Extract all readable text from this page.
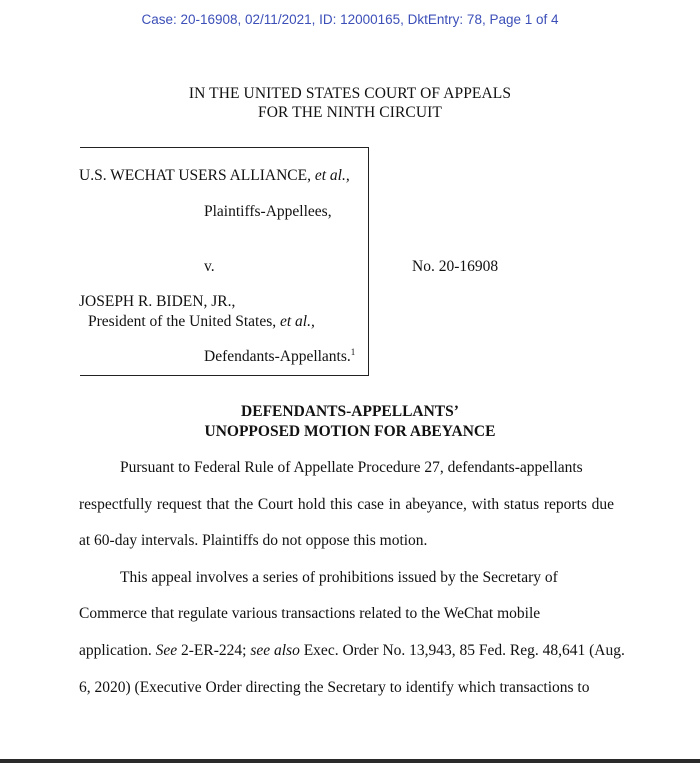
Case: 20-16908, 02/11/2021, ID: 12000165, DktEntry: 78, Page 1 of 4
IN THE UNITED STATES COURT OF APPEALS
FOR THE NINTH CIRCUIT
U.S. WECHAT USERS ALLIANCE, et al.,
Plaintiffs-Appellees,
v.
JOSEPH R. BIDEN, JR.,
President of the United States, et al.,
Defendants-Appellants.$^1$
No. 20-16908
DEFENDANTS-APPELLANTS’
UNOPPOSED MOTION FOR ABEYANCE

Pursuant to Federal Rule of Appellate Procedure 27, defendants-appellants
respectfully request that the Court hold this case in abeyance, with status reports due
at 60-day intervals. Plaintiffs do not oppose this motion.

This appeal involves a series of prohibitions issued by the Secretary of
Commerce that regulate various transactions related to the WeChat mobile
application. See 2-ER-224; see also Exec. Order No. 13,943, 85 Fed. Reg. 48,641 (Aug.
6, 2020) (Executive Order directing the Secretary to identify which transactions to
